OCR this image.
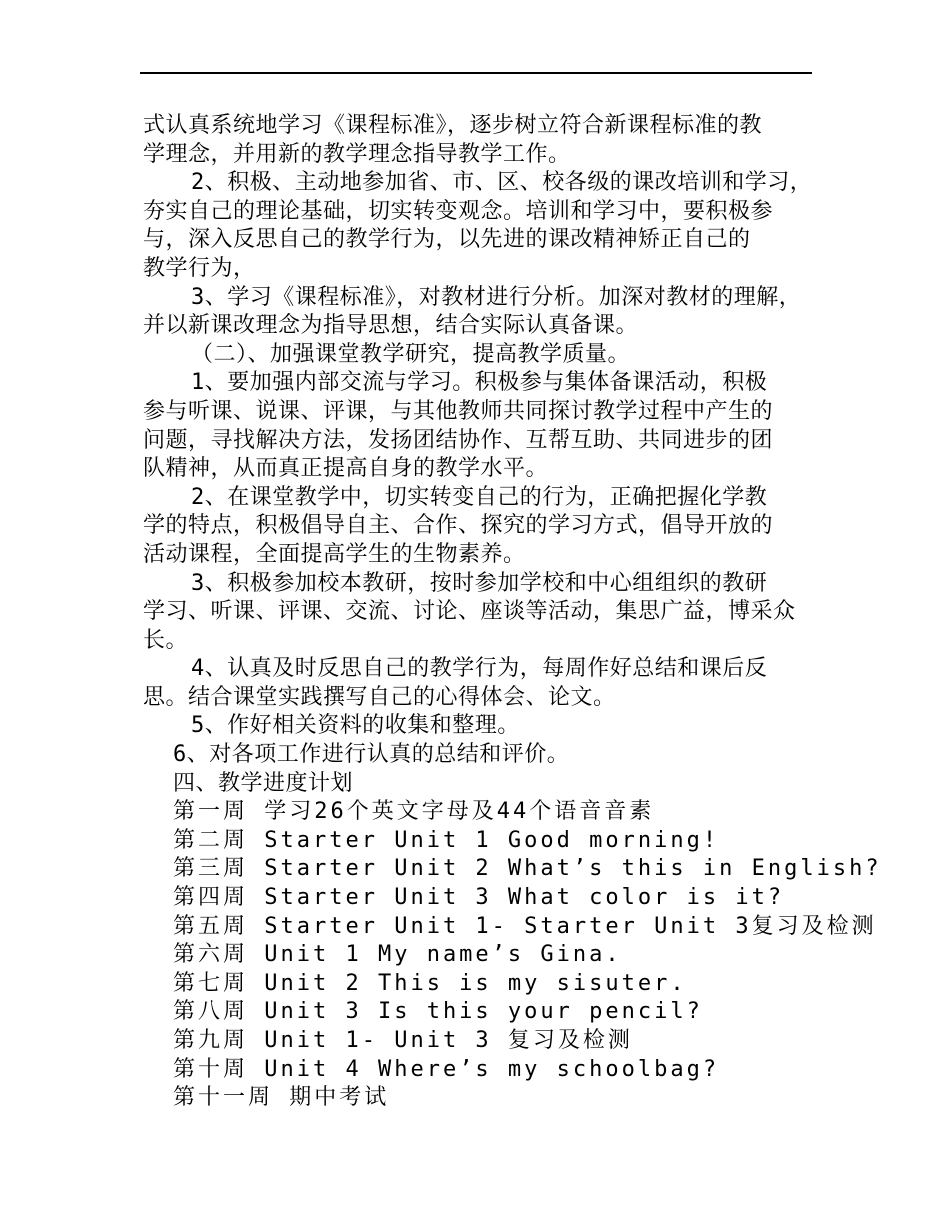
式认真系统地学习《课程标准》，逐步树立符合新课程标准的教
学理念，并用新的教学理念指导教学工作。
2、积极、主动地参加省、市、区、校各级的课改培训和学习，
夯实自己的理论基础，切实转变观念。培训和学习中，要积极参
与，深入反思自己的教学行为，以先进的课改精神矫正自己的
教学行为，
3、学习《课程标准》，对教材进行分析。加深对教材的理解，
并以新课改理念为指导思想，结合实际认真备课。
（二）、加强课堂教学研究，提高教学质量。
1、要加强内部交流与学习。积极参与集体备课活动，积极
参与听课、说课、评课，与其他教师共同探讨教学过程中产生的
问题，寻找解决方法，发扬团结协作、互帮互助、共同进步的团
队精神，从而真正提高自身的教学水平。
2、在课堂教学中，切实转变自己的行为，正确把握化学教
学的特点，积极倡导自主、合作、探究的学习方式，倡导开放的
活动课程，全面提高学生的生物素养。
3、积极参加校本教研，按时参加学校和中心组组织的教研
学习、听课、评课、交流、讨论、座谈等活动，集思广益，博采众
长。
4、认真及时反思自己的教学行为，每周作好总结和课后反
思。结合课堂实践撰写自己的心得体会、论文。
5、作好相关资料的收集和整理。
6、对各项工作进行认真的总结和评价。
四、教学进度计划
第一周 学习26个英文字母及44个语音音素
第二周 Starter Unit 1 Good morning!
第三周 Starter Unit 2 What’s this in English?
第四周 Starter Unit 3 What color is it?
第五周 Starter Unit 1- Starter Unit 3复习及检测
第六周 Unit 1 My name’s Gina.
第七周 Unit 2 This is my sisuter.
第八周 Unit 3 Is this your pencil?
第九周 Unit 1- Unit 3 复习及检测
第十周 Unit 4 Where’s my schoolbag?
第十一周 期中考试
